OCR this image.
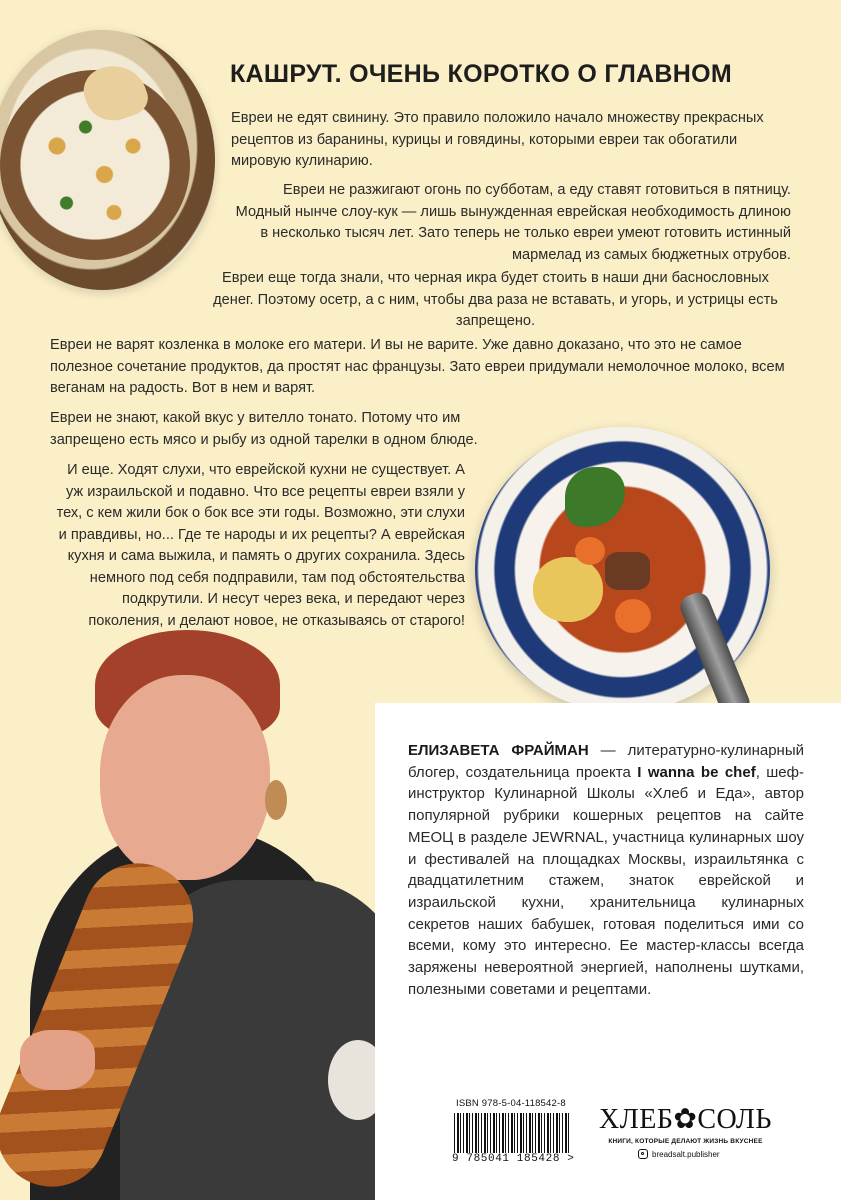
КАШРУТ. ОЧЕНЬ КОРОТКО О ГЛАВНОМ

Евреи не едят свинину. Это правило положило начало множеству прекрасных рецептов из баранины, курицы и говядины, которыми евреи так обогатили мировую кулинарию.

Евреи не разжигают огонь по субботам, а еду ставят готовиться в пятницу. Модный нынче слоу-кук — лишь вынужденная еврейская необходимость длиною в несколько тысяч лет. Зато теперь не только евреи умеют готовить истинный мармелад из самых бюджетных отрубов.

Евреи еще тогда знали, что черная икра будет стоить в наши дни баснословных денег. Поэтому осетр, а с ним, чтобы два раза не вставать, и угорь, и устрицы есть запрещено.

Евреи не варят козленка в молоке его матери. И вы не варите. Уже давно доказано, что это не самое полезное сочетание продуктов, да простят нас французы. Зато евреи придумали немолочное молоко, всем веганам на радость. Вот в нем и варят.

Евреи не знают, какой вкус у вителло тонато. Потому что им запрещено есть мясо и рыбу из одной тарелки в одном блюде.

И еще. Ходят слухи, что еврейской кухни не существует. А уж израильской и подавно. Что все рецепты евреи взяли у тех, с кем жили бок о бок все эти годы. Возможно, эти слухи и правдивы, но... Где те народы и их рецепты? А еврейская кухня и сама выжила, и память о других сохранила. Здесь немного под себя подправили, там под обстоятельства подкрутили. И несут через века, и передают через поколения, и делают новое, не отказываясь от старого!

ЕЛИЗАВЕТА ФРАЙМАН — литературно-кулинарный блогер, создательница проекта I wanna be chef, шеф-инструктор Кулинарной Школы «Хлеб и Еда», автор популярной рубрики кошерных рецептов на сайте МЕОЦ в разделе JEWRNAL, участница кулинарных шоу и фестивалей на площадках Москвы, израильтянка с двадцатилетним стажем, знаток еврейской и израильской кухни, хранительница кулинарных секретов наших бабушек, готовая поделиться ими со всеми, кому это интересно. Ее мастер-классы всегда заряжены невероятной энергией, наполнены шутками, полезными советами и рецептами.

ISBN 978-5-04-118542-8
9 785041 185428 >
ХЛЕБ✿СОЛЬ
КНИГИ, КОТОРЫЕ ДЕЛАЮТ ЖИЗНЬ ВКУСНЕЕ
breadsalt.publisher
